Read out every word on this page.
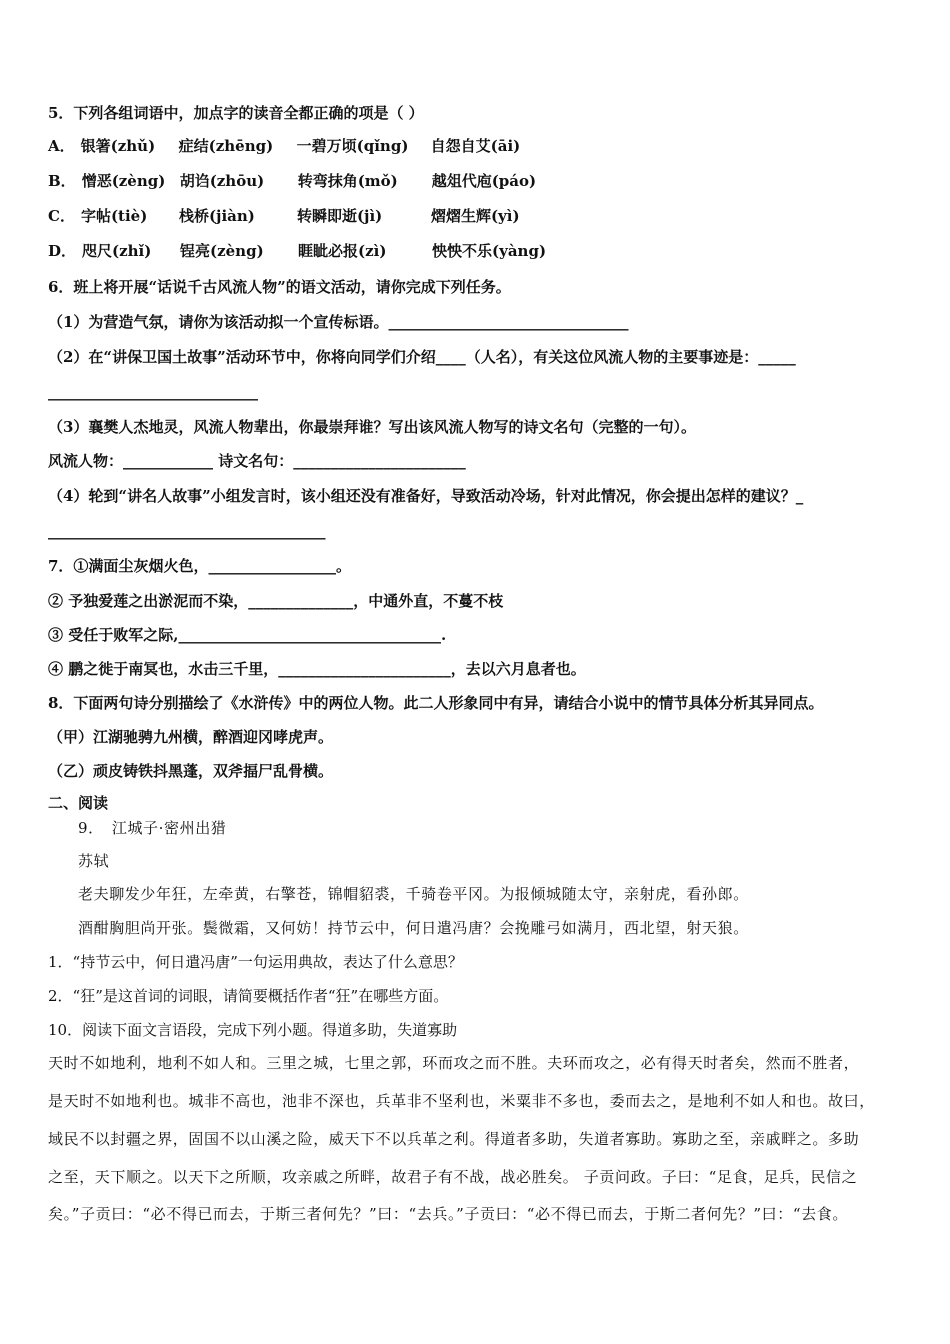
5．下列各组词语中，加点字的读音全都正确的项是（ ）
A． 银箸(zhǔ) 症结(zhēng) 一碧万顷(qǐng) 自怨自艾(āi)
B． 憎恶(zèng) 胡诌(zhōu) 转弯抹角(mǒ) 越俎代庖(páo)
C． 字帖(tiè) 栈桥(jiàn)	转瞬即逝(jì)	熠熠生辉(yì)
D． 咫尺(zhǐ) 锃亮(zèng) 睚眦必报(zì)	怏怏不乐(yàng)
6．班上将开展“话说千古风流人物”的语文活动，请你完成下列任务。
（1）为营造气氛，请你为该活动拟一个宣传标语。________________________________
（2）在“讲保卫国土故事”活动环节中，你将向同学们介绍____（人名），有关这位风流人物的主要事迹是：_____
____________________________
（3）襄樊人杰地灵，风流人物辈出，你最崇拜谁？写出该风流人物写的诗文名句（完整的一句）。
风流人物：____________ 诗文名句：_______________________
（4）轮到“讲名人故事”小组发言时，该小组还没有准备好，导致活动冷场，针对此情况，你会提出怎样的建议？_
_____________________________________
7．①满面尘灰烟火色，_________________。
② 予独爱莲之出淤泥而不染，______________，中通外直，不蔓不枝
③ 受任于败军之际,___________________________________.
④ 鹏之徙于南冥也，水击三千里，_______________________，去以六月息者也。
8．下面两句诗分别描绘了《水浒传》中的两位人物。此二人形象同中有异，请结合小说中的情节具体分析其异同点。
（甲）江湖驰骋九州横，醉酒迎冈哮虎声。
（乙）顽皮铸铁抖黑蓬，双斧揊尸乱骨横。
二、阅读
9．　江城子·密州出猎
苏轼
老夫聊发少年狂，左牵黄，右擎苍，锦帽貂裘，千骑卷平冈。为报倾城随太守，亲射虎，看孙郎。
酒酣胸胆尚开张。鬓微霜，又何妨！持节云中，何日遣冯唐？会挽雕弓如满月，西北望，射天狼。
1．“持节云中，何日遣冯唐”一句运用典故，表达了什么意思？
2．“狂”是这首词的词眼，请简要概括作者“狂”在哪些方面。
10．阅读下面文言语段，完成下列小题。得道多助，失道寡助
天时不如地利，地利不如人和。三里之城，七里之郭，环而攻之而不胜。夫环而攻之，必有得天时者矣，然而不胜者，
是天时不如地利也。城非不高也，池非不深也，兵革非不坚利也，米粟非不多也，委而去之，是地利不如人和也。故曰，
域民不以封疆之界，固国不以山溪之险，威天下不以兵革之利。得道者多助，失道者寡助。寡助之至，亲戚畔之。多助
之至，天下顺之。以天下之所顺，攻亲戚之所畔，故君子有不战，战必胜矣。 子贡问政。子曰：“足食，足兵，民信之
矣。”子贡曰：“必不得已而去，于斯三者何先？”曰：“去兵。”子贡曰：“必不得已而去，于斯二者何先？”曰：“去食。
